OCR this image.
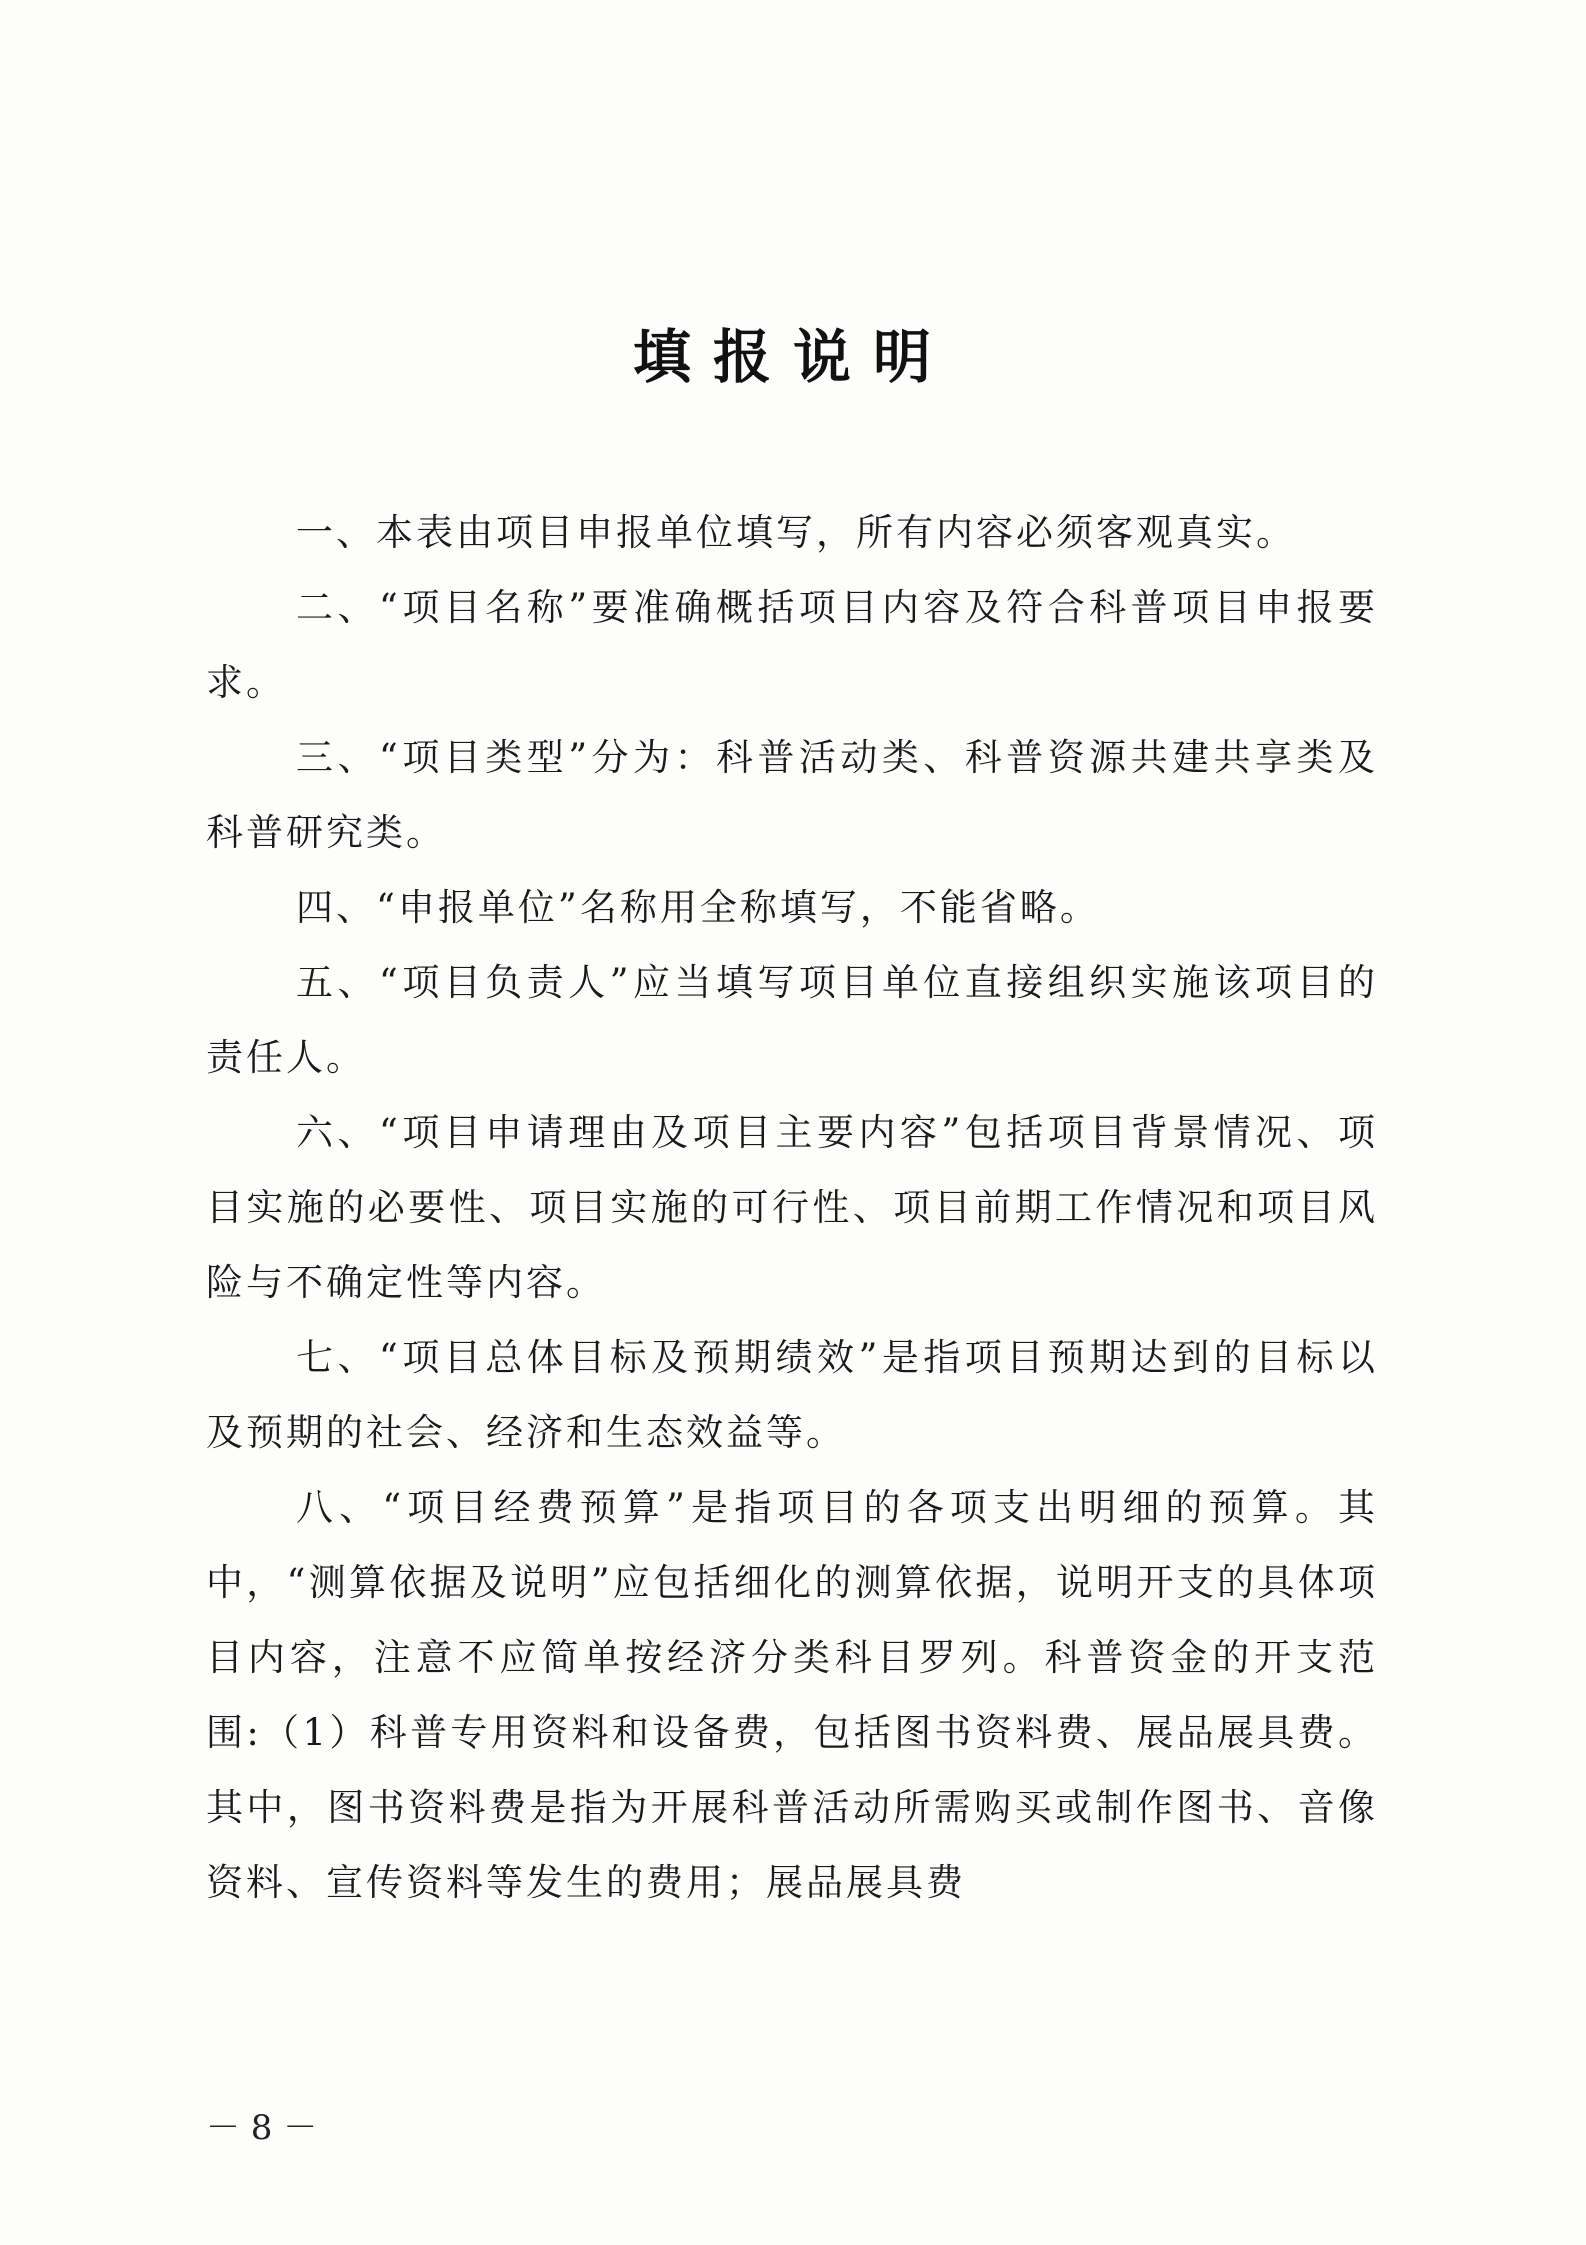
填报说明

一、本表由项目申报单位填写，所有内容必须客观真实。

二、“项目名称”要准确概括项目内容及符合科普项目申报要求。

三、“项目类型”分为：科普活动类、科普资源共建共享类及科普研究类。

四、“申报单位”名称用全称填写，不能省略。

五、“项目负责人”应当填写项目单位直接组织实施该项目的责任人。

六、“项目申请理由及项目主要内容”包括项目背景情况、项目实施的必要性、项目实施的可行性、项目前期工作情况和项目风险与不确定性等内容。

七、“项目总体目标及预期绩效”是指项目预期达到的目标以及预期的社会、经济和生态效益等。

八、“项目经费预算”是指项目的各项支出明细的预算。其中，“测算依据及说明”应包括细化的测算依据，说明开支的具体项目内容，注意不应简单按经济分类科目罗列。科普资金的开支范围:（1）科普专用资料和设备费，包括图书资料费、展品展具费。其中，图书资料费是指为开展科普活动所需购买或制作图书、音像资料、宣传资料等发生的费用；展品展具费

－ 8 －
